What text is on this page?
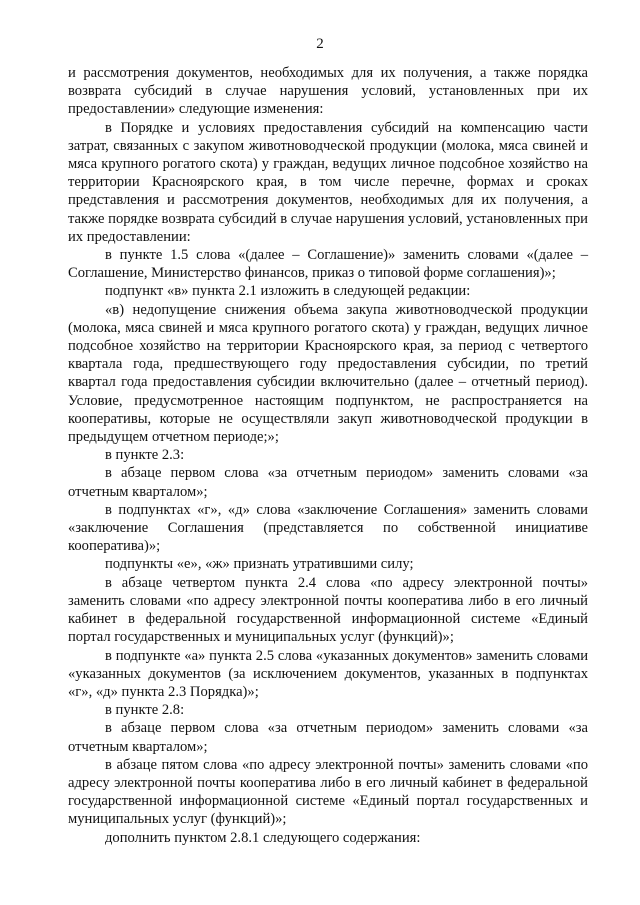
2

и рассмотрения документов, необходимых для их получения, а также порядка возврата субсидий в случае нарушения условий, установленных при их предоставлении» следующие изменения:

в Порядке и условиях предоставления субсидий на компенсацию части затрат, связанных с закупом животноводческой продукции (молока, мяса свиней и мяса крупного рогатого скота) у граждан, ведущих личное подсобное хозяйство на территории Красноярского края, в том числе перечне, формах и сроках представления и рассмотрения документов, необходимых для их получения, а также порядке возврата субсидий в случае нарушения условий, установленных при их предоставлении:

в пункте 1.5 слова «(далее – Соглашение)» заменить словами «(далее – Соглашение, Министерство финансов, приказ о типовой форме соглашения)»;

подпункт «в» пункта 2.1 изложить в следующей редакции:

«в) недопущение снижения объема закупа животноводческой продукции (молока, мяса свиней и мяса крупного рогатого скота) у граждан, ведущих личное подсобное хозяйство на территории Красноярского края, за период с четвертого квартала года, предшествующего году предоставления субсидии, по третий квартал года предоставления субсидии включительно (далее – отчетный период). Условие, предусмотренное настоящим подпунктом, не распространяется на кооперативы, которые не осуществляли закуп животноводческой продукции в предыдущем отчетном периоде;»;

в пункте 2.3:

в абзаце первом слова «за отчетным периодом» заменить словами «за отчетным кварталом»;

в подпунктах «г», «д» слова «заключение Соглашения» заменить словами «заключение Соглашения (представляется по собственной инициативе кооператива)»;

подпункты «е», «ж» признать утратившими силу;

в абзаце четвертом пункта 2.4 слова «по адресу электронной почты» заменить словами «по адресу электронной почты кооператива либо в его личный кабинет в федеральной государственной информационной системе «Единый портал государственных и муниципальных услуг (функций)»;

в подпункте «а» пункта 2.5 слова «указанных документов» заменить словами «указанных документов (за исключением документов, указанных в подпунктах «г», «д» пункта 2.3 Порядка)»;

в пункте 2.8:

в абзаце первом слова «за отчетным периодом» заменить словами «за отчетным кварталом»;

в абзаце пятом слова «по адресу электронной почты» заменить словами «по адресу электронной почты кооператива либо в его личный кабинет в федеральной государственной информационной системе «Единый портал государственных и муниципальных услуг (функций)»;

дополнить пунктом 2.8.1 следующего содержания:
